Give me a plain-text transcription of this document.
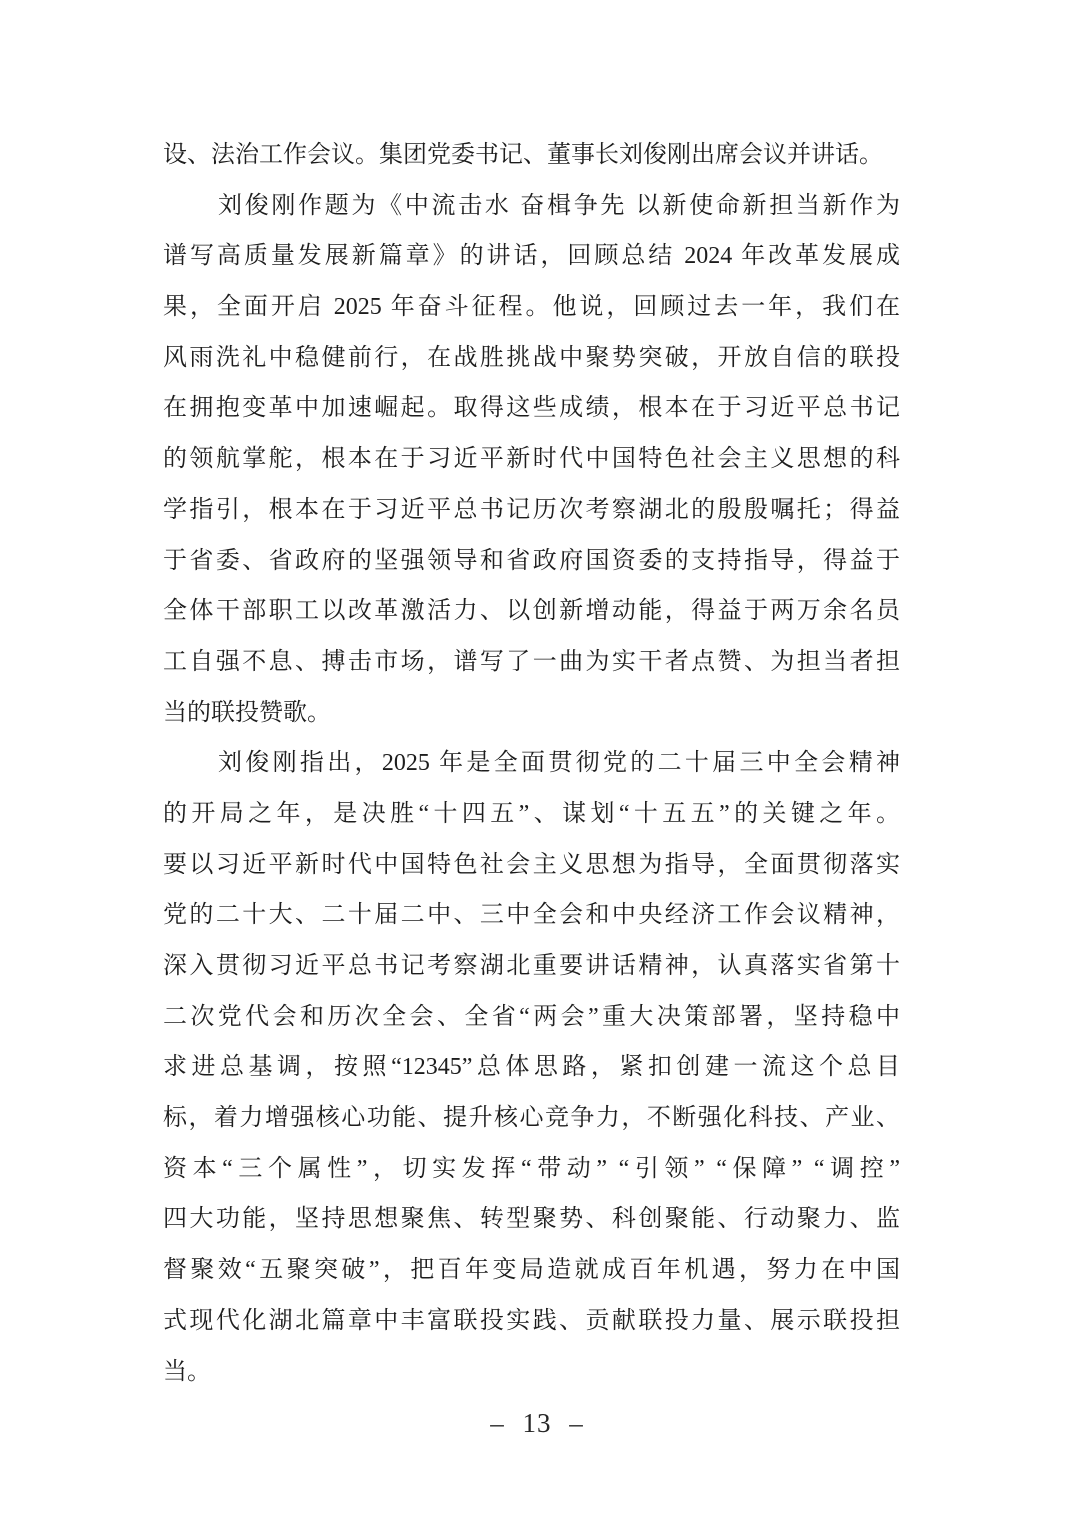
设、法治工作会议。集团党委书记、董事长刘俊刚出席会议并讲话。
刘俊刚作题为《中流击水 奋楫争先 以新使命新担当新作为
谱写高质量发展新篇章》的讲话，回顾总结 2024 年改革发展成
果，全面开启 2025 年奋斗征程。他说，回顾过去一年，我们在
风雨洗礼中稳健前行，在战胜挑战中聚势突破，开放自信的联投
在拥抱变革中加速崛起。取得这些成绩，根本在于习近平总书记
的领航掌舵，根本在于习近平新时代中国特色社会主义思想的科
学指引，根本在于习近平总书记历次考察湖北的殷殷嘱托；得益
于省委、省政府的坚强领导和省政府国资委的支持指导，得益于
全体干部职工以改革激活力、以创新增动能，得益于两万余名员
工自强不息、搏击市场，谱写了一曲为实干者点赞、为担当者担
当的联投赞歌。
刘俊刚指出，2025 年是全面贯彻党的二十届三中全会精神
的开局之年，是决胜“十四五”、谋划“十五五”的关键之年。
要以习近平新时代中国特色社会主义思想为指导，全面贯彻落实
党的二十大、二十届二中、三中全会和中央经济工作会议精神，
深入贯彻习近平总书记考察湖北重要讲话精神，认真落实省第十
二次党代会和历次全会、全省“两会”重大决策部署，坚持稳中
求进总基调，按照“12345”总体思路，紧扣创建一流这个总目
标，着力增强核心功能、提升核心竞争力，不断强化科技、产业、
资本“三个属性”，切实发挥“带动” “引领” “保障” “调控”
四大功能，坚持思想聚焦、转型聚势、科创聚能、行动聚力、监
督聚效“五聚突破”，把百年变局造就成百年机遇，努力在中国
式现代化湖北篇章中丰富联投实践、贡献联投力量、展示联投担
当。
– 13 –
